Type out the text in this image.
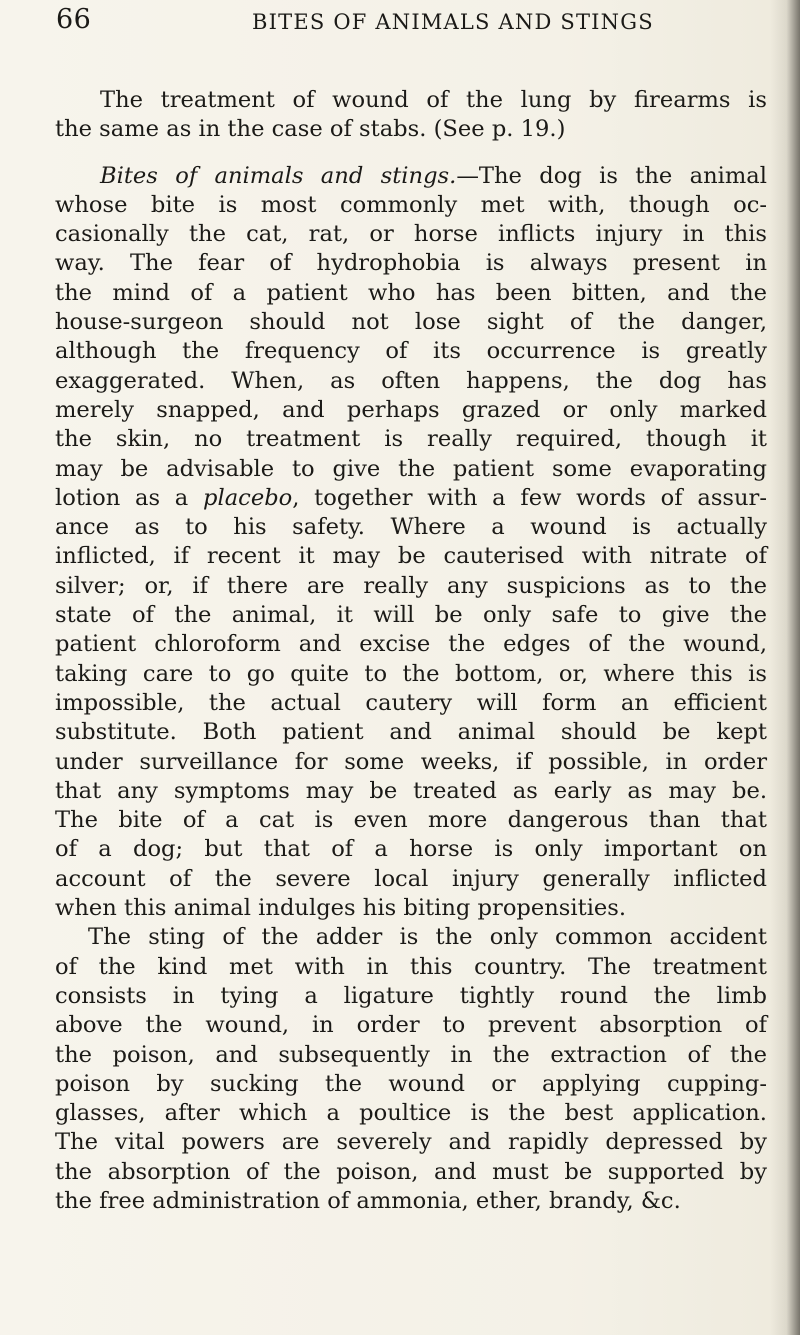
66	BITES OF ANIMALS AND STINGS
The treatment of wound of the lung by firearms is
the same as in the case of stabs. (See p. 19.)
Bites of animals and stings.—The dog is the animal
whose bite is most commonly met with, though oc-
casionally the cat, rat, or horse inflicts injury in this
way. The fear of hydrophobia is always present in
the mind of a patient who has been bitten, and the
house-surgeon should not lose sight of the danger,
although the frequency of its occurrence is greatly
exaggerated. When, as often happens, the dog has
merely snapped, and perhaps grazed or only marked
the skin, no treatment is really required, though it
may be advisable to give the patient some evaporating
lotion as a placebo, together with a few words of assur-
ance as to his safety. Where a wound is actually
inflicted, if recent it may be cauterised with nitrate of
silver; or, if there are really any suspicions as to the
state of the animal, it will be only safe to give the
patient chloroform and excise the edges of the wound,
taking care to go quite to the bottom, or, where this is
impossible, the actual cautery will form an efficient
substitute. Both patient and animal should be kept
under surveillance for some weeks, if possible, in order
that any symptoms may be treated as early as may be.
The bite of a cat is even more dangerous than that
of a dog; but that of a horse is only important on
account of the severe local injury generally inflicted
when this animal indulges his biting propensities.
The sting of the adder is the only common accident
of the kind met with in this country. The treatment
consists in tying a ligature tightly round the limb
above the wound, in order to prevent absorption of
the poison, and subsequently in the extraction of the
poison by sucking the wound or applying cupping-
glasses, after which a poultice is the best application.
The vital powers are severely and rapidly depressed by
the absorption of the poison, and must be supported by
the free administration of ammonia, ether, brandy, &c.
